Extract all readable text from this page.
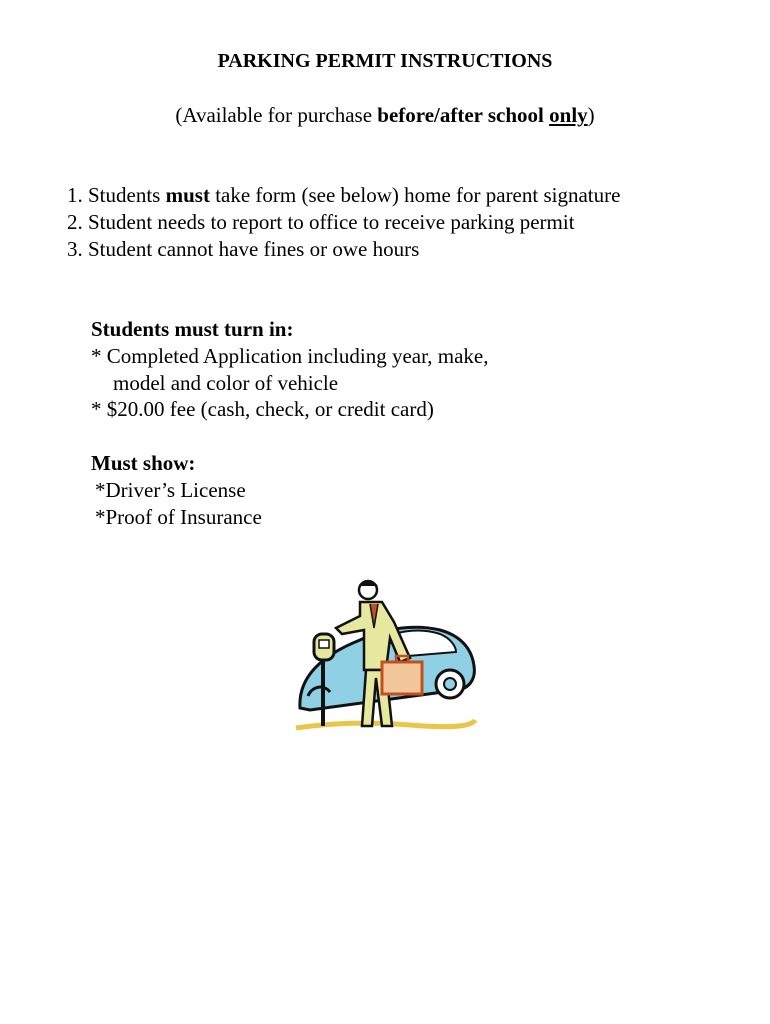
PARKING PERMIT INSTRUCTIONS
(Available for purchase before/after school only)
1. Students must take form (see below) home for parent signature
2. Student needs to report to office to receive parking permit
3. Student cannot have fines or owe hours
Students must turn in:
* Completed Application including year, make,
model and color of vehicle
* $20.00 fee (cash, check, or credit card)
Must show:
*Driver’s License
*Proof of Insurance
